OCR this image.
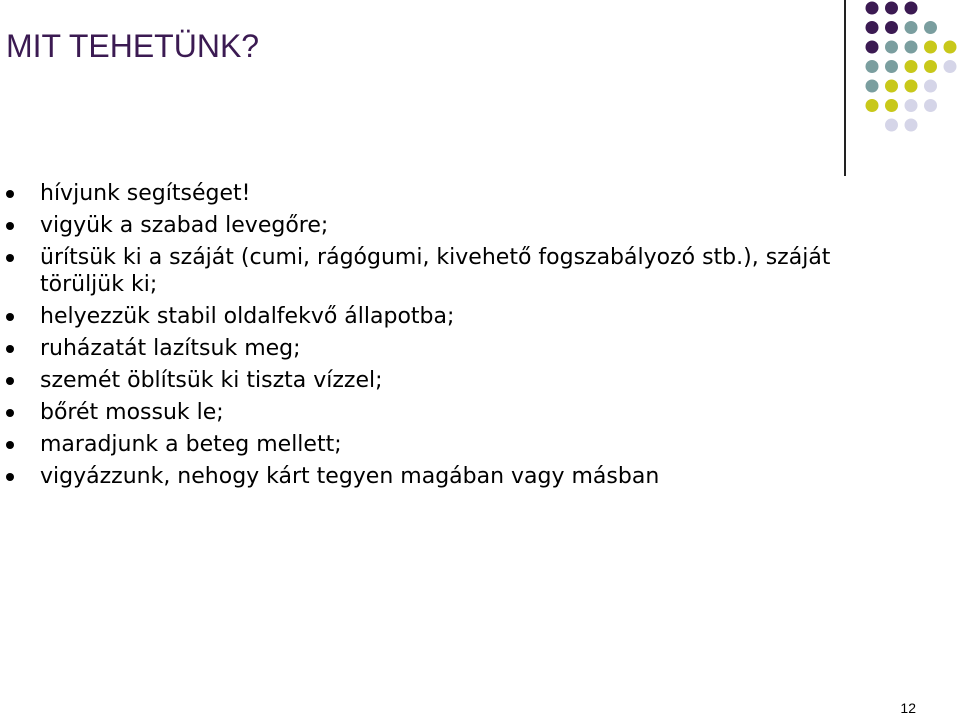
MIT TEHETÜNK?
hívjunk segítséget!
vigyük a szabad levegőre;
ürítsük ki a száját (cumi, rágógumi, kivehető fogszabályozó stb.), száját törüljük ki;
helyezzük stabil oldalfekvő állapotba;
ruházatát lazítsuk meg;
szemét öblítsük ki tiszta vízzel;
bőrét mossuk le;
maradjunk a beteg mellett;
vigyázzunk, nehogy kárt tegyen magában vagy másban
12
